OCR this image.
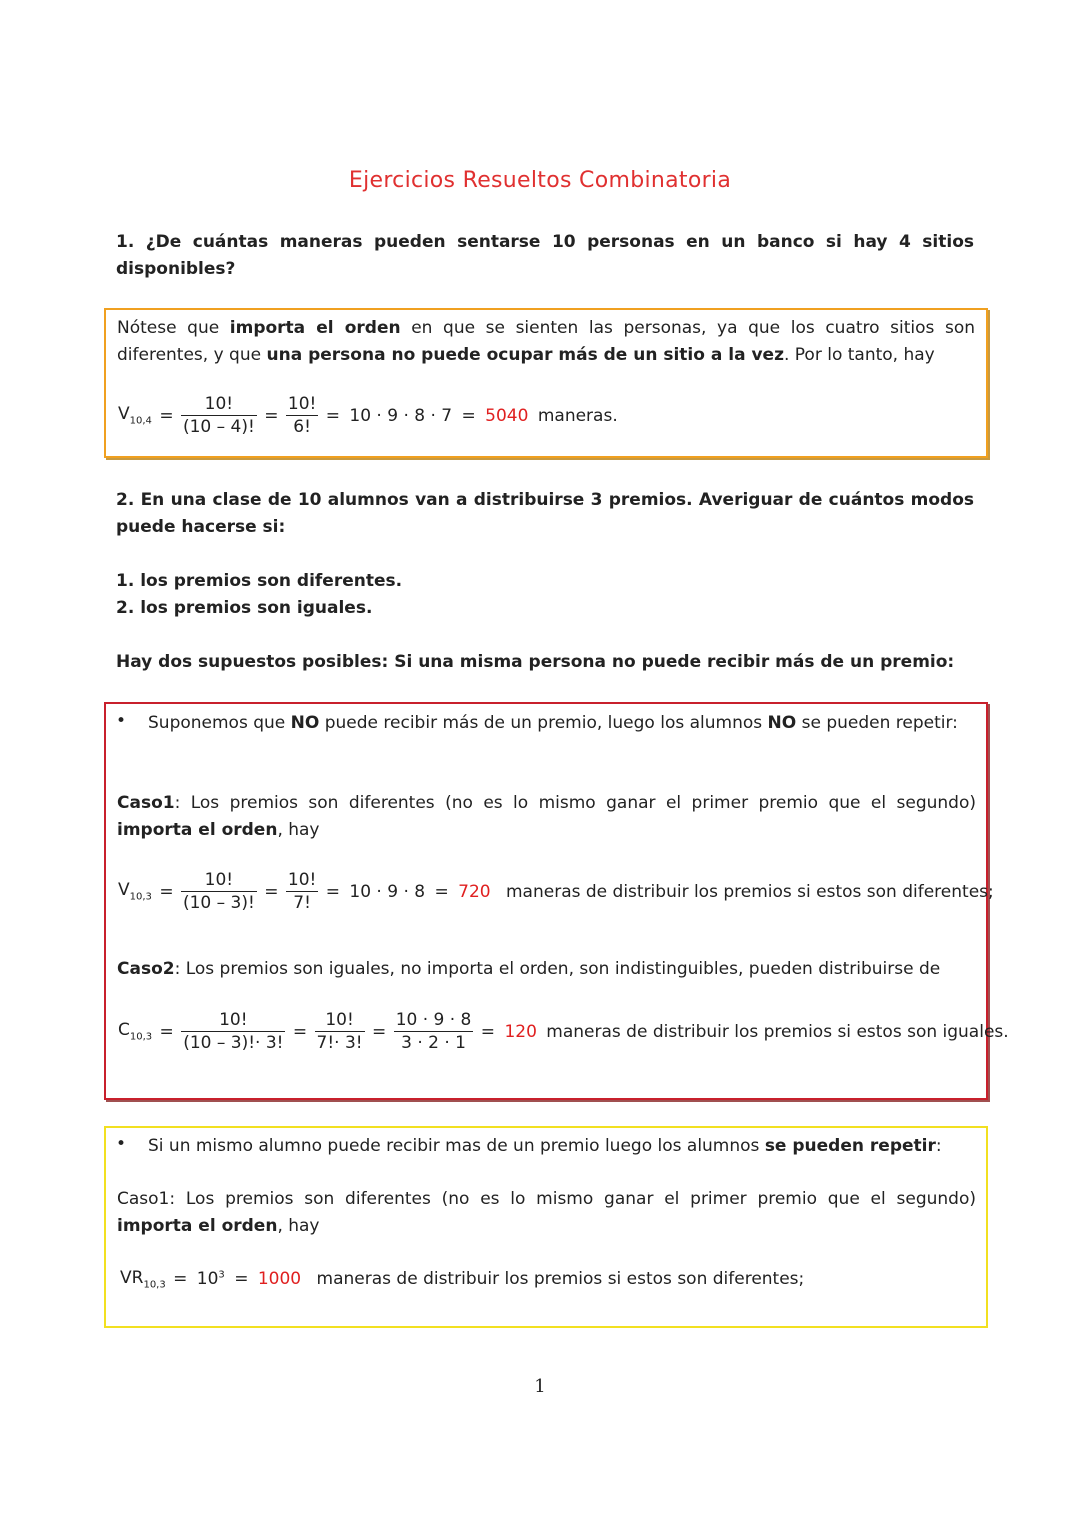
Ejercicios Resueltos Combinatoria
1. ¿De cuántas maneras pueden sentarse 10 personas en un banco si hay 4 sitios disponibles?
Nótese que importa el orden en que se sienten las personas, ya que los cuatro sitios son diferentes, y que una persona no puede ocupar más de un sitio a la vez. Por lo tanto, hay
$V_{10,4} = \frac{10!}{(10 - 4)!} = \frac{10!}{6!} = 10 \cdot 9 \cdot 8 \cdot 7 = 5040$ maneras.
2. En una clase de 10 alumnos van a distribuirse 3 premios. Averiguar de cuántos modos puede hacerse si:
1. los premios son diferentes.
2. los premios son iguales.
Hay dos supuestos posibles: Si una misma persona no puede recibir más de un premio:
• Suponemos que NO puede recibir más de un premio, luego los alumnos NO se pueden repetir:
Caso1: Los premios son diferentes (no es lo mismo ganar el primer premio que el segundo) importa el orden, hay
$V_{10,3} = \frac{10!}{(10 - 3)!} = \frac{10!}{7!} = 10 \cdot 9 \cdot 8 = 720$ maneras de distribuir los premios si estos son diferentes;
Caso2: Los premios son iguales, no importa el orden, son indistinguibles, pueden distribuirse de
$C_{10,3} = \frac{10!}{(10 - 3)!\cdot 3!} = \frac{10!}{7!\cdot 3!} = \frac{10 \cdot 9 \cdot 8}{3 \cdot 2 \cdot 1} = 120$ maneras de distribuir los premios si estos son iguales.
• Si un mismo alumno puede recibir mas de un premio luego los alumnos se pueden repetir:
Caso1: Los premios son diferentes (no es lo mismo ganar el primer premio que el segundo) importa el orden, hay
$VR_{10,3} = 10^3 = 1000$ maneras de distribuir los premios si estos son diferentes;
1
